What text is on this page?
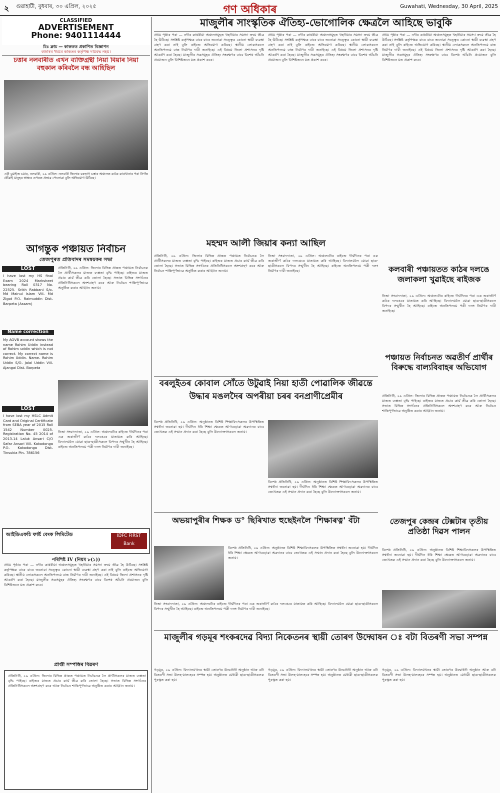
২ গুৱাহাটী, বুধবাৰ, ৩০ এপ্ৰিল, ২০২৫	গণ অধিকাৰ	Guwahati, Wednesday, 30 April, 2025
CLASSIFIED
ADVERTISEMENT
Phone: 9401114444
মিঃ ক্লাচ — কাকতত প্ৰকাশিত বিজ্ঞাপন
বজাৰৰ খবৰে কাকতৰ কৰ্তৃপক্ষ দায়বদ্ধ নহয়।
চত্তাৰ নলবাৰীত এখন ব্যক্তিগ্ৰন্থী নিয়া বিয়াৰ নিয়া বহুকাল কৰিবলৈ বন্ধ আহিছিল
এটা চুমাইজ চমাৰ, নলবাৰী, ২৯ এপ্ৰিল: নলবাৰী জিলাৰ বৰভাগ চত্তাৰ অঞ্চলত কাঠৰ কাৰখানাৰ পৰা নিৰ্গত ধোঁৱাই মানুহৰ স্বাস্থ্যৰ ওপৰত প্ৰভাৱ পেলোৱা বুলি অভিযোগ উঠিছে।
আগন্তুক পঞ্চায়ত নিৰ্বাচন
তেজপুৰত প্ৰতিবাদৰ সমন্বয়কৰ সভা
LOST
I have lost my HS final Exam 2024 Marksheet bearing Roll 0317 No. 22525. Srikh Rabbani S/o- Md Mainul Islam Vill- Md Zigot P.O- Raimuddin Dist- Barpeta (Assam)
Name correction
My AGVB account shows the name Rohim Uddin instead of Rohim uddin which is not correct. My correct name is Rohim Uddin. Name- Rohim Uddin S/O- Jalal Uddin Vill- Ajangai Dist- Barpeta
LOST
I have lost my HSLC Admit Card and Original Certificate from SEBA year of 2015 Roll 1542 Number 0025. Registration No. 45 2014 of 2013-14 Laluk Ansari C/O Safar Ansari Vill- Kakodonga P.O- Kakodonga Dist- Tinsukia Pin- 786156
প্ৰতিনিধি, ২৯ এপ্ৰিল: জিলাৰ বিভিন্ন প্ৰান্তত পঞ্চায়ত নিৰ্বাচনক লৈ প্ৰাৰ্থীসকলৰ মাজত ব্যস্ততা বৃদ্ধি পাইছে। ৰাইজৰ মাজত প্ৰচাৰ কাৰ্য তীব্ৰ কৰি তোলা হৈছে। সভাত বিভিন্ন সংগঠনৰ প্ৰতিনিধিসকলে অংশগ্ৰহণ কৰে আৰু নিৰ্বাচন শান্তিপূৰ্ণভাৱে অনুষ্ঠিত কৰাৰ আহ্বান জনায়।
নিজা সংবাদদাতা, ২৯ এপ্ৰিল: অঞ্চলটোৰ ৰাইজে দীৰ্ঘদিনৰ পৰা এক জৰাজীৰ্ণ কাঠৰ দলঙেৰে যাতায়ত কৰি আহিছে। বিদ্যালয়লৈ যোৱা ছাত্ৰ-ছাত্ৰীসকলে বিপদৰ সন্মুখীন হৈ আহিছে। ৰাইজে অনতিপলমে পকী দলং নিৰ্মাণৰ দাবী জনাইছে।
আইডিএফচি ফাৰ্ষ্ট বেংক লিমিটেড	IDFC FIRST Bank
পৰিশিষ্ট IV (নিয়ম ৮(১))
প্ৰথম পৃষ্ঠাৰ পৰা — নদীৰ কাষৰীয়া অঞ্চলসমূহত খহনীয়াৰ সমস্যা ক্ৰমে তীব্ৰ হৈ উঠিছে। সংশ্লিষ্ট কৰ্তৃপক্ষক বাৰে বাৰে জনোৱা সত্ত্বেও কোনো স্থায়ী ব্যৱস্থা গ্ৰহণ কৰা নাই বুলি ৰাইজে অভিযোগ কৰিছে। স্থানীয় লোকসকলে অনতিপলমে বান্ধ নিৰ্মাণৰ দাবী জনাইছে। এই বিষয়ে জিলা প্ৰশাসনৰ দৃষ্টি আকৰ্ষণ কৰা হৈছে। মাজুলীৰ সত্ৰসমূহৰ ঐতিহ্য সংৰক্ষণৰ বাবে বিশেষ আঁচনি প্ৰয়োজন বুলি বিশিষ্টজনে মত প্ৰকাশ কৰে।
প্ৰাপ্তী সম্পত্তিৰ বিৱৰণ
প্ৰতিনিধি, ২৯ এপ্ৰিল: জিলাৰ বিভিন্ন প্ৰান্তত পঞ্চায়ত নিৰ্বাচনক লৈ প্ৰাৰ্থীসকলৰ মাজত ব্যস্ততা বৃদ্ধি পাইছে। ৰাইজৰ মাজত প্ৰচাৰ কাৰ্য তীব্ৰ কৰি তোলা হৈছে। সভাত বিভিন্ন সংগঠনৰ প্ৰতিনিধিসকলে অংশগ্ৰহণ কৰে আৰু নিৰ্বাচন শান্তিপূৰ্ণভাৱে অনুষ্ঠিত কৰাৰ আহ্বান জনায়।
মাজুলীৰ সাংস্কৃতিক ঐতিহ্য-ভোগোলিক ক্ষেত্ৰলৈ আহিছে ভাবুকি
প্ৰথম পৃষ্ঠাৰ পৰা — নদীৰ কাষৰীয়া অঞ্চলসমূহত খহনীয়াৰ সমস্যা ক্ৰমে তীব্ৰ হৈ উঠিছে। সংশ্লিষ্ট কৰ্তৃপক্ষক বাৰে বাৰে জনোৱা সত্ত্বেও কোনো স্থায়ী ব্যৱস্থা গ্ৰহণ কৰা নাই বুলি ৰাইজে অভিযোগ কৰিছে। স্থানীয় লোকসকলে অনতিপলমে বান্ধ নিৰ্মাণৰ দাবী জনাইছে। এই বিষয়ে জিলা প্ৰশাসনৰ দৃষ্টি আকৰ্ষণ কৰা হৈছে। মাজুলীৰ সত্ৰসমূহৰ ঐতিহ্য সংৰক্ষণৰ বাবে বিশেষ আঁচনি প্ৰয়োজন বুলি বিশিষ্টজনে মত প্ৰকাশ কৰে।
প্ৰথম পৃষ্ঠাৰ পৰা — নদীৰ কাষৰীয়া অঞ্চলসমূহত খহনীয়াৰ সমস্যা ক্ৰমে তীব্ৰ হৈ উঠিছে। সংশ্লিষ্ট কৰ্তৃপক্ষক বাৰে বাৰে জনোৱা সত্ত্বেও কোনো স্থায়ী ব্যৱস্থা গ্ৰহণ কৰা নাই বুলি ৰাইজে অভিযোগ কৰিছে। স্থানীয় লোকসকলে অনতিপলমে বান্ধ নিৰ্মাণৰ দাবী জনাইছে। এই বিষয়ে জিলা প্ৰশাসনৰ দৃষ্টি আকৰ্ষণ কৰা হৈছে। মাজুলীৰ সত্ৰসমূহৰ ঐতিহ্য সংৰক্ষণৰ বাবে বিশেষ আঁচনি প্ৰয়োজন বুলি বিশিষ্টজনে মত প্ৰকাশ কৰে।
প্ৰথম পৃষ্ঠাৰ পৰা — নদীৰ কাষৰীয়া অঞ্চলসমূহত খহনীয়াৰ সমস্যা ক্ৰমে তীব্ৰ হৈ উঠিছে। সংশ্লিষ্ট কৰ্তৃপক্ষক বাৰে বাৰে জনোৱা সত্ত্বেও কোনো স্থায়ী ব্যৱস্থা গ্ৰহণ কৰা নাই বুলি ৰাইজে অভিযোগ কৰিছে। স্থানীয় লোকসকলে অনতিপলমে বান্ধ নিৰ্মাণৰ দাবী জনাইছে। এই বিষয়ে জিলা প্ৰশাসনৰ দৃষ্টি আকৰ্ষণ কৰা হৈছে। মাজুলীৰ সত্ৰসমূহৰ ঐতিহ্য সংৰক্ষণৰ বাবে বিশেষ আঁচনি প্ৰয়োজন বুলি বিশিষ্টজনে মত প্ৰকাশ কৰে।
মহম্মদ আলী জিয়াৰ কন্যা আছিল
প্ৰতিনিধি, ২৯ এপ্ৰিল: জিলাৰ বিভিন্ন প্ৰান্তত পঞ্চায়ত নিৰ্বাচনক লৈ প্ৰাৰ্থীসকলৰ মাজত ব্যস্ততা বৃদ্ধি পাইছে। ৰাইজৰ মাজত প্ৰচাৰ কাৰ্য তীব্ৰ কৰি তোলা হৈছে। সভাত বিভিন্ন সংগঠনৰ প্ৰতিনিধিসকলে অংশগ্ৰহণ কৰে আৰু নিৰ্বাচন শান্তিপূৰ্ণভাৱে অনুষ্ঠিত কৰাৰ আহ্বান জনায়।
নিজা সংবাদদাতা, ২৯ এপ্ৰিল: অঞ্চলটোৰ ৰাইজে দীৰ্ঘদিনৰ পৰা এক জৰাজীৰ্ণ কাঠৰ দলঙেৰে যাতায়ত কৰি আহিছে। বিদ্যালয়লৈ যোৱা ছাত্ৰ-ছাত্ৰীসকলে বিপদৰ সন্মুখীন হৈ আহিছে। ৰাইজে অনতিপলমে পকী দলং নিৰ্মাণৰ দাবী জনাইছে।	কলবাৰী পঞ্চায়তত কাঠৰ দলঙে জলাকলা খুৱাইছে ৰাইজক
নিজা সংবাদদাতা, ২৯ এপ্ৰিল: অঞ্চলটোৰ ৰাইজে দীৰ্ঘদিনৰ পৰা এক জৰাজীৰ্ণ কাঠৰ দলঙেৰে যাতায়ত কৰি আহিছে। বিদ্যালয়লৈ যোৱা ছাত্ৰ-ছাত্ৰীসকলে বিপদৰ সন্মুখীন হৈ আহিছে। ৰাইজে অনতিপলমে পকী দলং নিৰ্মাণৰ দাবী জনাইছে।
বৰলুইতৰ কোবাল সোঁতে উটুৱাই নিয়া হাতী পোৱালিক জীৱন্তে উদ্ধাৰ মঙলদৈৰ অপৰীয়া চৰৰ বনপ্ৰাণীপ্ৰেমীৰ
বিশেষ প্ৰতিনিধি, ২৯ এপ্ৰিল: অনুষ্ঠানত বিশিষ্ট শিক্ষাবিদসকলৰ উপস্থিতিত সম্বৰ্ধনা জনোৱা হয়। দীৰ্ঘদিন ধৰি শিক্ষা ক্ষেত্ৰত আগবঢ়োৱা অৱদানৰ বাবে তেখেতক এই সন্মান প্ৰদান কৰা হৈছে বুলি উদ্যোক্তাসকলে জনায়।
বিশেষ প্ৰতিনিধি, ২৯ এপ্ৰিল: অনুষ্ঠানত বিশিষ্ট শিক্ষাবিদসকলৰ উপস্থিতিত সম্বৰ্ধনা জনোৱা হয়। দীৰ্ঘদিন ধৰি শিক্ষা ক্ষেত্ৰত আগবঢ়োৱা অৱদানৰ বাবে তেখেতক এই সন্মান প্ৰদান কৰা হৈছে বুলি উদ্যোক্তাসকলে জনায়।
পঞ্চায়ত নিৰ্বাচনত অৱতীৰ্ণ প্ৰাৰ্থীৰ বিৰুদ্ধে বাল্যবিবাহৰ অভিযোগ
প্ৰতিনিধি, ২৯ এপ্ৰিল: জিলাৰ বিভিন্ন প্ৰান্তত পঞ্চায়ত নিৰ্বাচনক লৈ প্ৰাৰ্থীসকলৰ মাজত ব্যস্ততা বৃদ্ধি পাইছে। ৰাইজৰ মাজত প্ৰচাৰ কাৰ্য তীব্ৰ কৰি তোলা হৈছে। সভাত বিভিন্ন সংগঠনৰ প্ৰতিনিধিসকলে অংশগ্ৰহণ কৰে আৰু নিৰ্বাচন শান্তিপূৰ্ণভাৱে অনুষ্ঠিত কৰাৰ আহ্বান জনায়।
তেজপুৰ কেন্দ্ৰৰ টেক্সটাৰ তৃতীয় প্ৰতিষ্ঠা দিৱস পালন
বিশেষ প্ৰতিনিধি, ২৯ এপ্ৰিল: অনুষ্ঠানত বিশিষ্ট শিক্ষাবিদসকলৰ উপস্থিতিত সম্বৰ্ধনা জনোৱা হয়। দীৰ্ঘদিন ধৰি শিক্ষা ক্ষেত্ৰত আগবঢ়োৱা অৱদানৰ বাবে তেখেতক এই সন্মান প্ৰদান কৰা হৈছে বুলি উদ্যোক্তাসকলে জনায়।
অভয়াপুৰীৰ শিক্ষক ড° ছিৰিখাত হুছেইনলৈ 'শিক্ষাৰত্ন' বঁটা
বিশেষ প্ৰতিনিধি, ২৯ এপ্ৰিল: অনুষ্ঠানত বিশিষ্ট শিক্ষাবিদসকলৰ উপস্থিতিত সম্বৰ্ধনা জনোৱা হয়। দীৰ্ঘদিন ধৰি শিক্ষা ক্ষেত্ৰত আগবঢ়োৱা অৱদানৰ বাবে তেখেতক এই সন্মান প্ৰদান কৰা হৈছে বুলি উদ্যোক্তাসকলে জনায়।
নিজা সংবাদদাতা, ২৯ এপ্ৰিল: অঞ্চলটোৰ ৰাইজে দীৰ্ঘদিনৰ পৰা এক জৰাজীৰ্ণ কাঠৰ দলঙেৰে যাতায়ত কৰি আহিছে। বিদ্যালয়লৈ যোৱা ছাত্ৰ-ছাত্ৰীসকলে বিপদৰ সন্মুখীন হৈ আহিছে। ৰাইজে অনতিপলমে পকী দলং নিৰ্মাণৰ দাবী জনাইছে।
মাজুলীৰ গড়মূৰ শংকৰদেৱ বিদ্যা নিকেতনৰ স্থায়ী তোৰণ উদ্ঘোষন ঃ বটা বিতৰণী সভা সম্পন্ন
গড়মূৰ, ২৯ এপ্ৰিল: বিদ্যালয়খনৰ স্থায়ী তোৰণৰ উদ্বোধনী অনুষ্ঠান আৰু বটা বিতৰণী সভা উলহ-মালহেৰে সম্পন্ন হয়। অনুষ্ঠানত মেধাৱী ছাত্ৰ-ছাত্ৰীসকলক পুৰস্কৃত কৰা হয়।
গড়মূৰ, ২৯ এপ্ৰিল: বিদ্যালয়খনৰ স্থায়ী তোৰণৰ উদ্বোধনী অনুষ্ঠান আৰু বটা বিতৰণী সভা উলহ-মালহেৰে সম্পন্ন হয়। অনুষ্ঠানত মেধাৱী ছাত্ৰ-ছাত্ৰীসকলক পুৰস্কৃত কৰা হয়।
গড়মূৰ, ২৯ এপ্ৰিল: বিদ্যালয়খনৰ স্থায়ী তোৰণৰ উদ্বোধনী অনুষ্ঠান আৰু বটা বিতৰণী সভা উলহ-মালহেৰে সম্পন্ন হয়। অনুষ্ঠানত মেধাৱী ছাত্ৰ-ছাত্ৰীসকলক পুৰস্কৃত কৰা হয়।
